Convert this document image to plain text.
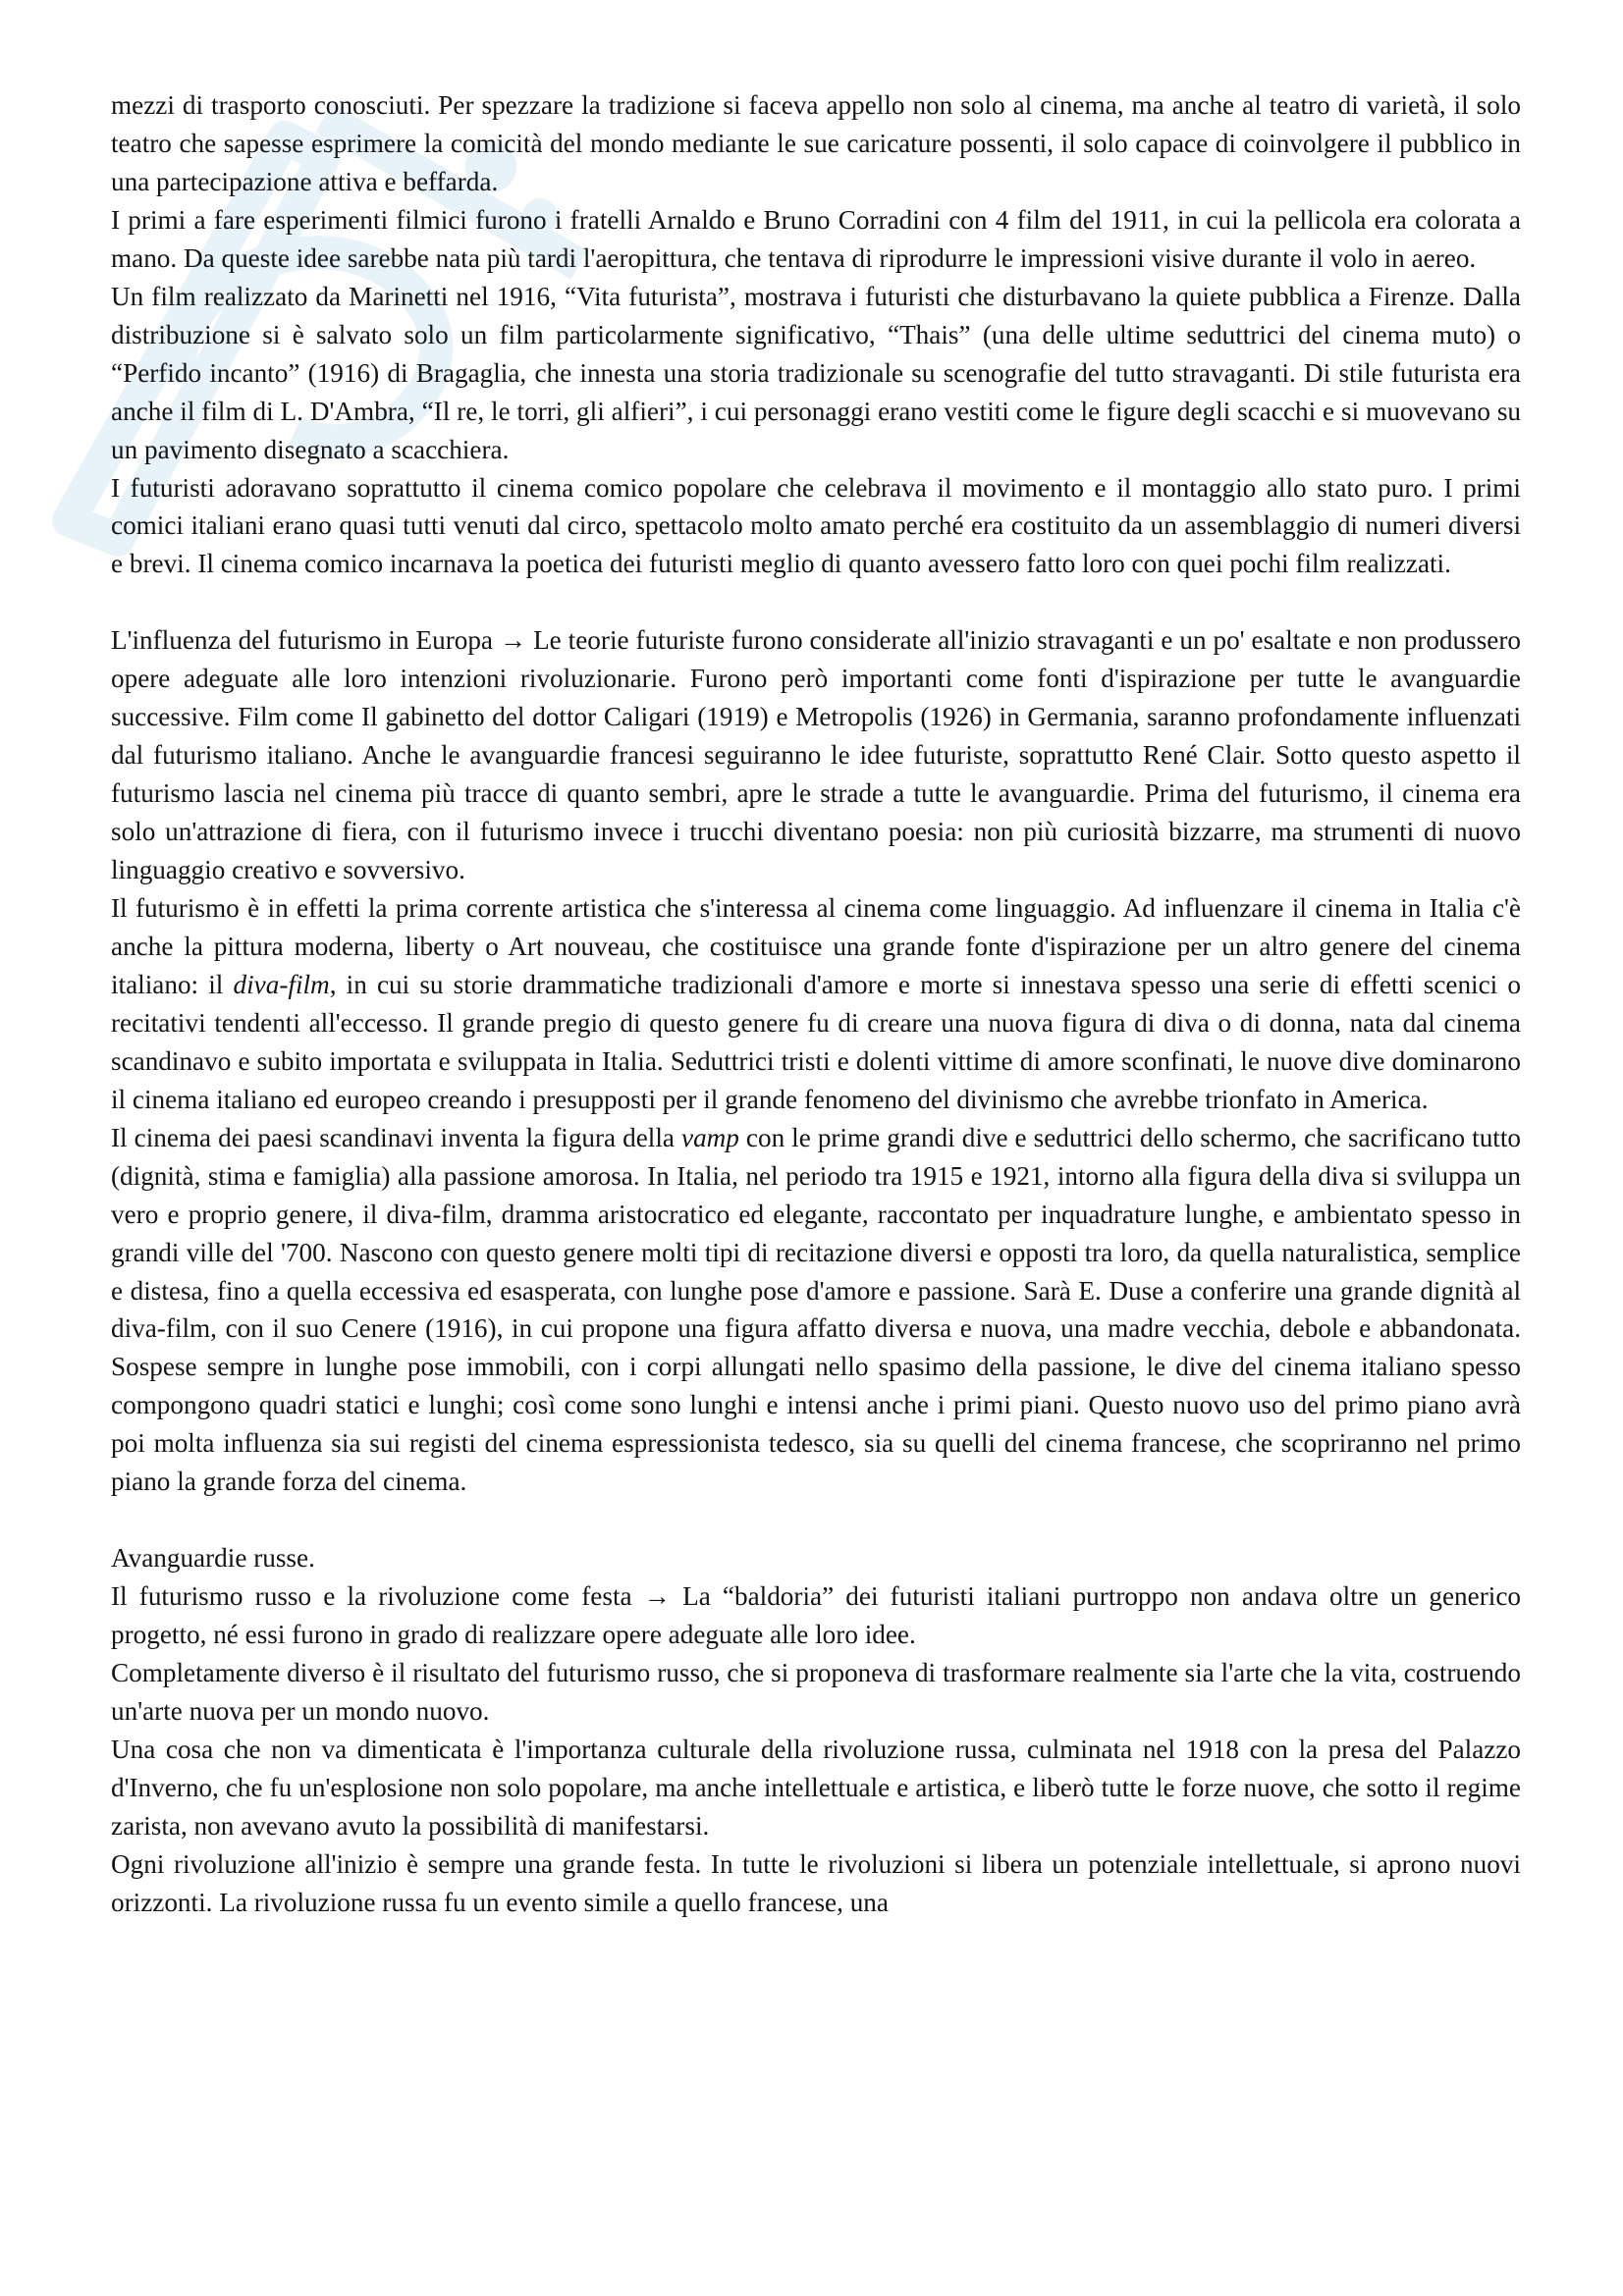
mezzi di trasporto conosciuti. Per spezzare la tradizione si faceva appello non solo al cinema, ma anche al teatro di varietà, il solo teatro che sapesse esprimere la comicità del mondo mediante le sue caricature possenti, il solo capace di coinvolgere il pubblico in una partecipazione attiva e beffarda.

I primi a fare esperimenti filmici furono i fratelli Arnaldo e Bruno Corradini con 4 film del 1911, in cui la pellicola era colorata a mano. Da queste idee sarebbe nata più tardi l'aeropittura, che tentava di riprodurre le impressioni visive durante il volo in aereo.

Un film realizzato da Marinetti nel 1916, “Vita futurista”, mostrava i futuristi che disturbavano la quiete pubblica a Firenze. Dalla distribuzione si è salvato solo un film particolarmente significativo, “Thais” (una delle ultime seduttrici del cinema muto) o “Perfido incanto” (1916) di Bragaglia, che innesta una storia tradizionale su scenografie del tutto stravaganti. Di stile futurista era anche il film di L. D'Ambra, “Il re, le torri, gli alfieri”, i cui personaggi erano vestiti come le figure degli scacchi e si muovevano su un pavimento disegnato a scacchiera.

I futuristi adoravano soprattutto il cinema comico popolare che celebrava il movimento e il montaggio allo stato puro. I primi comici italiani erano quasi tutti venuti dal circo, spettacolo molto amato perché era costituito da un assemblaggio di numeri diversi e brevi. Il cinema comico incarnava la poetica dei futuristi meglio di quanto avessero fatto loro con quei pochi film realizzati.

L'influenza del futurismo in Europa → Le teorie futuriste furono considerate all'inizio stravaganti e un po' esaltate e non produssero opere adeguate alle loro intenzioni rivoluzionarie. Furono però importanti come fonti d'ispirazione per tutte le avanguardie successive. Film come Il gabinetto del dottor Caligari (1919) e Metropolis (1926) in Germania, saranno profondamente influenzati dal futurismo italiano. Anche le avanguardie francesi seguiranno le idee futuriste, soprattutto René Clair. Sotto questo aspetto il futurismo lascia nel cinema più tracce di quanto sembri, apre le strade a tutte le avanguardie. Prima del futurismo, il cinema era solo un'attrazione di fiera, con il futurismo invece i trucchi diventano poesia: non più curiosità bizzarre, ma strumenti di nuovo linguaggio creativo e sovversivo.

Il futurismo è in effetti la prima corrente artistica che s'interessa al cinema come linguaggio. Ad influenzare il cinema in Italia c'è anche la pittura moderna, liberty o Art nouveau, che costituisce una grande fonte d'ispirazione per un altro genere del cinema italiano: il diva-film, in cui su storie drammatiche tradizionali d'amore e morte si innestava spesso una serie di effetti scenici o recitativi tendenti all'eccesso. Il grande pregio di questo genere fu di creare una nuova figura di diva o di donna, nata dal cinema scandinavo e subito importata e sviluppata in Italia. Seduttrici tristi e dolenti vittime di amore sconfinati, le nuove dive dominarono il cinema italiano ed europeo creando i presupposti per il grande fenomeno del divinismo che avrebbe trionfato in America.

Il cinema dei paesi scandinavi inventa la figura della vamp con le prime grandi dive e seduttrici dello schermo, che sacrificano tutto (dignità, stima e famiglia) alla passione amorosa. In Italia, nel periodo tra 1915 e 1921, intorno alla figura della diva si sviluppa un vero e proprio genere, il diva-film, dramma aristocratico ed elegante, raccontato per inquadrature lunghe, e ambientato spesso in grandi ville del '700. Nascono con questo genere molti tipi di recitazione diversi e opposti tra loro, da quella naturalistica, semplice e distesa, fino a quella eccessiva ed esasperata, con lunghe pose d'amore e passione. Sarà E. Duse a conferire una grande dignità al diva-film, con il suo Cenere (1916), in cui propone una figura affatto diversa e nuova, una madre vecchia, debole e abbandonata. Sospese sempre in lunghe pose immobili, con i corpi allungati nello spasimo della passione, le dive del cinema italiano spesso compongono quadri statici e lunghi; così come sono lunghi e intensi anche i primi piani. Questo nuovo uso del primo piano avrà poi molta influenza sia sui registi del cinema espressionista tedesco, sia su quelli del cinema francese, che scopriranno nel primo piano la grande forza del cinema.

Avanguardie russe.

Il futurismo russo e la rivoluzione come festa → La “baldoria” dei futuristi italiani purtroppo non andava oltre un generico progetto, né essi furono in grado di realizzare opere adeguate alle loro idee.

Completamente diverso è il risultato del futurismo russo, che si proponeva di trasformare realmente sia l'arte che la vita, costruendo un'arte nuova per un mondo nuovo.

Una cosa che non va dimenticata è l'importanza culturale della rivoluzione russa, culminata nel 1918 con la presa del Palazzo d'Inverno, che fu un'esplosione non solo popolare, ma anche intellettuale e artistica, e liberò tutte le forze nuove, che sotto il regime zarista, non avevano avuto la possibilità di manifestarsi.

Ogni rivoluzione all'inizio è sempre una grande festa. In tutte le rivoluzioni si libera un potenziale intellettuale, si aprono nuovi orizzonti. La rivoluzione russa fu un evento simile a quello francese, una
